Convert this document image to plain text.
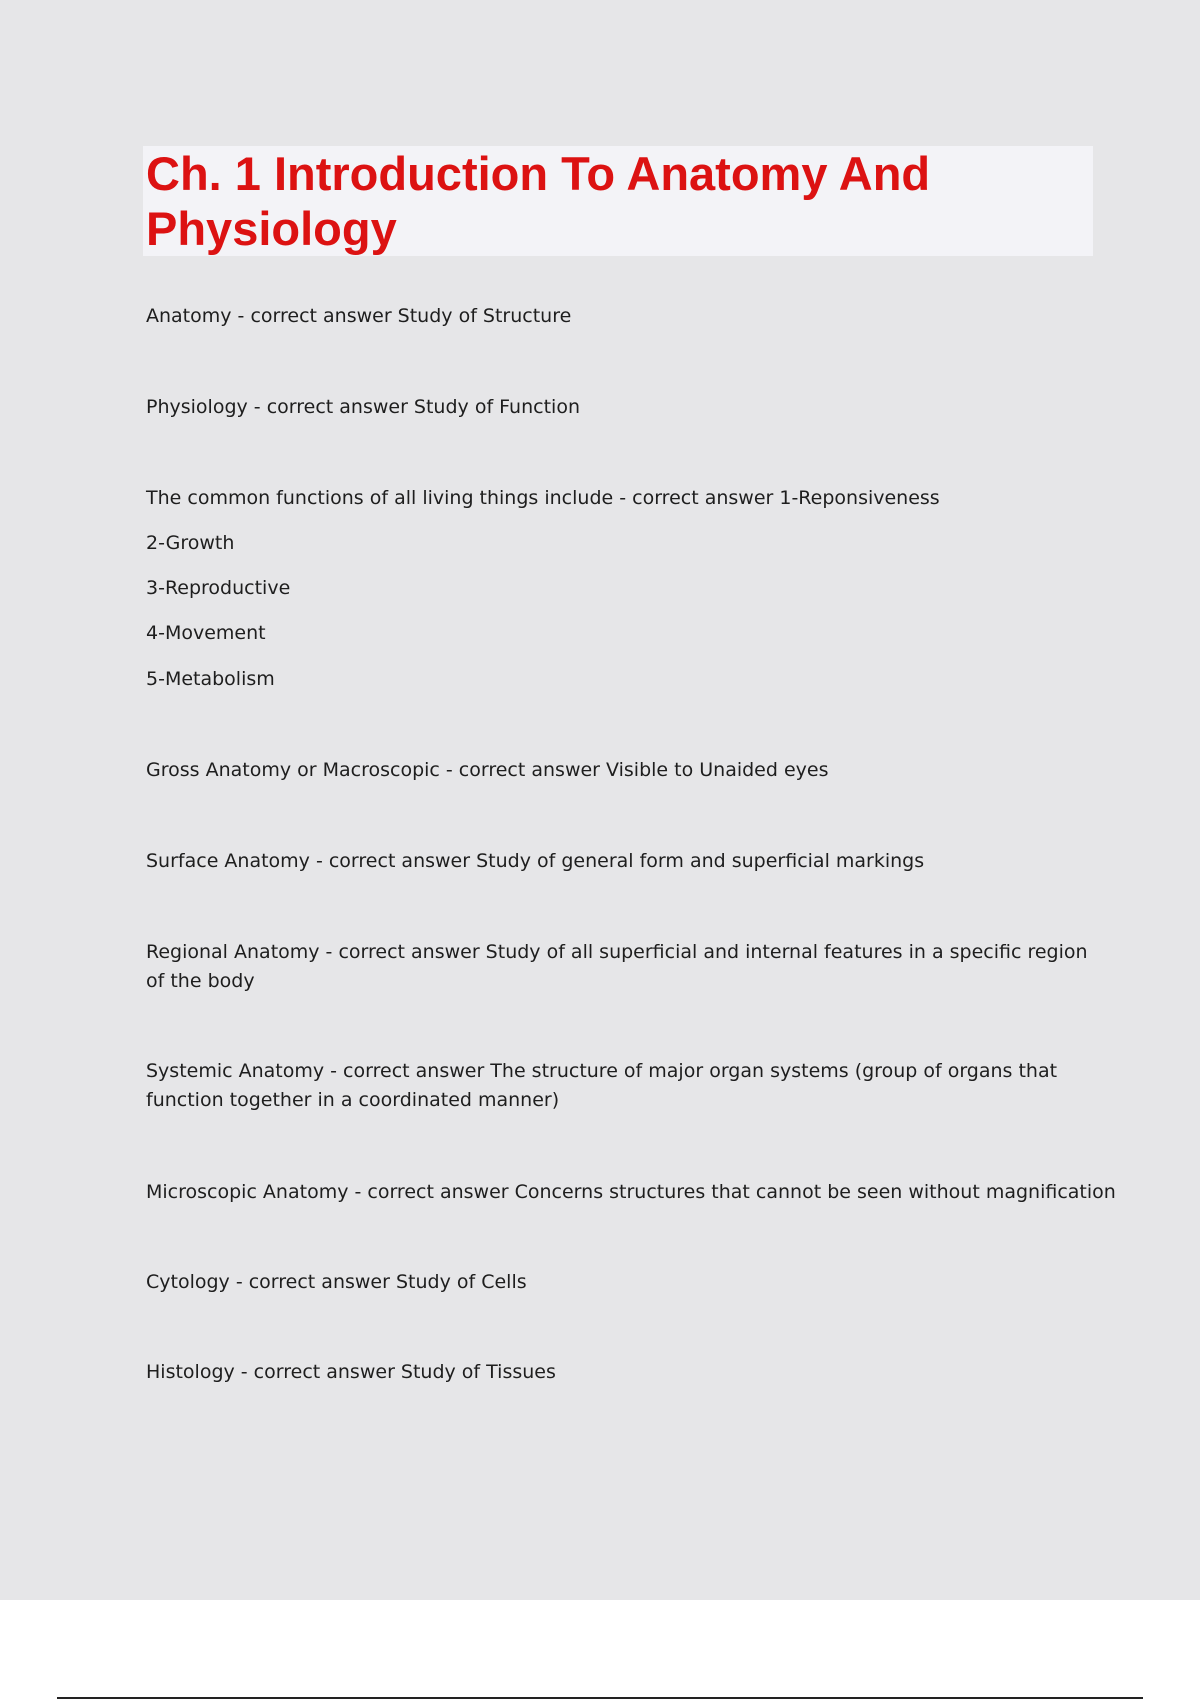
Ch. 1 Introduction To Anatomy And Physiology
Anatomy - correct answer Study of Structure
Physiology - correct answer Study of Function
The common functions of all living things include - correct answer 1-Reponsiveness
2-Growth
3-Reproductive
4-Movement
5-Metabolism
Gross Anatomy or Macroscopic - correct answer Visible to Unaided eyes
Surface Anatomy - correct answer Study of general form and superficial markings
Regional Anatomy - correct answer Study of all superficial and internal features in a specific region of the body
Systemic Anatomy - correct answer The structure of major organ systems (group of organs that function together in a coordinated manner)
Microscopic Anatomy - correct answer Concerns structures that cannot be seen without magnification
Cytology - correct answer Study of Cells
Histology - correct answer Study of Tissues
